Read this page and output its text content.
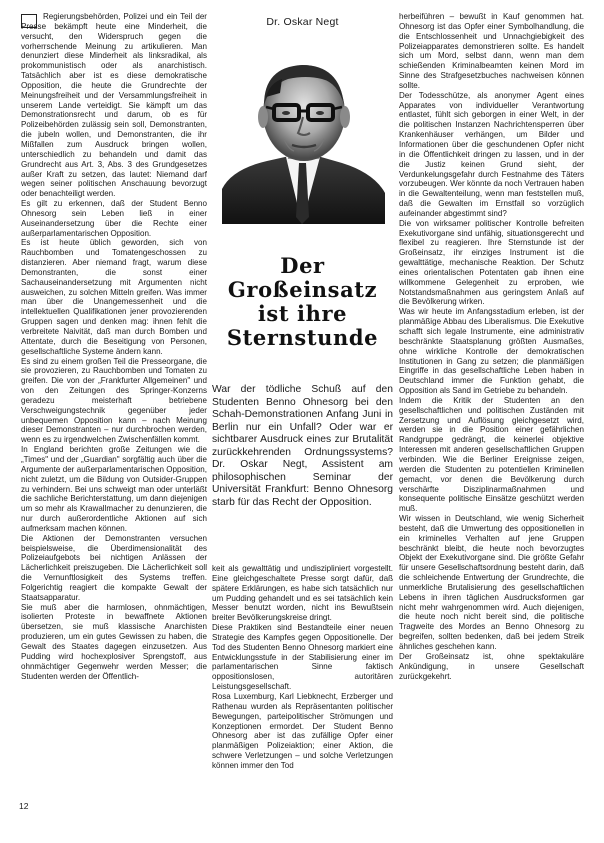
Regierungsbehörden, Polizei und ein Teil der Presse bekämpft heute eine Minderheit, die versucht, den Widerspruch gegen die vorherrschende Meinung zu artikulieren. Man denunziert diese Minderheit als linksradikal, als prokommunistisch oder als anarchistisch. Tatsächlich aber ist es diese demokratische Opposition, die heute die Grundrechte der Meinungsfreiheit und der Versammlungsfreiheit in unserem Lande verteidigt. Sie kämpft um das Demonstrationsrecht und darum, ob es für Polizeibehörden zulässig sein soll, Demonstranten, die jubeln wollen, und Demonstranten, die ihr Mißfallen zum Ausdruck bringen wollen, unterschiedlich zu behandeln und damit das Grundrecht aus Art. 3, Abs. 3 des Grundgesetzes außer Kraft zu setzen, das lautet: Niemand darf wegen seiner politischen Anschauung bevorzugt oder benachteiligt werden.

Es gilt zu erkennen, daß der Student Benno Ohnesorg sein Leben ließ in einer Auseinandersetzung über die Rechte einer außerparlamentarischen Opposition.

Es ist heute üblich geworden, sich von Rauchbomben und Tomatengeschossen zu distanzieren. Aber niemand fragt, warum diese Demonstranten, die sonst einer Sachauseinandersetzung mit Argumenten nicht ausweichen, zu solchen Mitteln greifen. Was immer man über die Unangemessenheit und die intellektuellen Qualifikationen jener provozierenden Gruppen sagen und denken mag: ihnen fehlt die verbreitete Naivität, daß man durch Bomben und Attentate, durch die Beseitigung von Personen, gesellschaftliche Systeme ändern kann.

Es sind zu einem großen Teil die Presseorgane, die sie provozieren, zu Rauchbomben und Tomaten zu greifen. Die von der „Frankfurter Allgemeinen" und von den Zeitungen des Springer-Konzerns geradezu meisterhaft betriebene Verschweigungstechnik gegenüber jeder unbequemen Opposition kann – nach Meinung dieser Demonstranten – nur durchbrochen werden, wenn es zu irgendwelchen Zwischenfällen kommt.

In England berichten große Zeitungen wie die „Times" und der „Guardian" sorgfältig auch über die Argumente der außerparlamentarischen Opposition, nicht zuletzt, um die Bildung von Outsider-Gruppen zu verhindern. Bei uns schweigt man oder unterläßt die sachliche Berichterstattung, um dann diejenigen um so mehr als Krawallmacher zu denunzieren, die nur durch außerordentliche Aktionen auf sich aufmerksam machen können.

Die Aktionen der Demonstranten versuchen beispielsweise, die Überdimensionalität des Polizeiaufgebots bei nichtigen Anlässen der Lächerlichkeit preiszugeben. Die Lächerlichkeit soll die Vernunftlosigkeit des Systems treffen. Folgerichtig reagiert die kompakte Gewalt der Staatsapparatur.

Sie muß aber die harmlosen, ohnmächtigen, isolierten Proteste in bewaffnete Aktionen übersetzen, sie muß klassische Anarchisten produzieren, um ein gutes Gewissen zu haben, die Gewalt des Staates dagegen einzusetzen. Aus Pudding wird hochexplosiver Sprengstoff, aus ohnmächtiger Gegenwehr werden Messer; die Studenten werden der Öffentlich-

Dr. Oskar Negt
Der Großeinsatz
ist ihre
Sternstunde

War der tödliche Schuß auf den Studenten Benno Ohnesorg bei den Schah-Demonstrationen Anfang Juni in Berlin nur ein Unfall? Oder war er sichtbarer Ausdruck eines zur Brutalität zurückkehrenden Ordnungssystems? Dr. Oskar Negt, Assistent am philosophischen Seminar der Universität Frankfurt: Benno Ohnesorg starb für das Recht der Opposition.

keit als gewalttätig und undiszipliniert vorgestellt. Eine gleichgeschaltete Presse sorgt dafür, daß spätere Erklärungen, es habe sich tatsächlich nur um Pudding gehandelt und es sei tatsächlich kein Messer benutzt worden, nicht ins Bewußtsein breiter Bevölkerungskreise dringt.

Diese Praktiken sind Bestandteile einer neuen Strategie des Kampfes gegen Oppositionelle. Der Tod des Studenten Benno Ohnesorg markiert eine Entwicklungsstufe in der Stabilisierung einer im parlamentarischen Sinne faktisch oppositionslosen, autoritären Leistungsgesellschaft.

Rosa Luxemburg, Karl Liebknecht, Erzberger und Rathenau wurden als Repräsentanten politischer Bewegungen, parteipolitischer Strömungen und Konzeptionen ermordet. Der Student Benno Ohnesorg aber ist das zufällige Opfer einer planmäßigen Polizeiaktion; einer Aktion, die schwere Verletzungen – und solche Verletzungen können immer den Tod

herbeiführen – bewußt in Kauf genommen hat. Ohnesorg ist das Opfer einer Symbolhandlung, die die Entschlossenheit und Unnachgiebigkeit des Polizeiapparates demonstrieren sollte. Es handelt sich um Mord, selbst dann, wenn man dem schießenden Kriminalbeamten keinen Mord im Sinne des Strafgesetzbuches nachweisen können sollte.

Der Todesschütze, als anonymer Agent eines Apparates von individueller Verantwortung entlastet, fühlt sich geborgen in einer Welt, in der die politischen Instanzen Nachrichtensperren über Krankenhäuser verhängen, um Bilder und Informationen über die geschundenen Opfer nicht in die Öffentlichkeit dringen zu lassen, und in der die Justiz keinen Grund sieht, der Verdunkelungsgefahr durch Festnahme des Täters vorzubeugen. Wer könnte da noch Vertrauen haben in die Gewaltenteilung, wenn man feststellen muß, daß die Gewalten im Ernstfall so vorzüglich aufeinander abgestimmt sind?

Die von wirksamer politischer Kontrolle befreiten Exekutivorgane sind unfähig, situationsgerecht und flexibel zu reagieren. Ihre Sternstunde ist der Großeinsatz, ihr einziges Instrument ist die gewalttätige, mechanische Reaktion. Der Schutz eines orientalischen Potentaten gab ihnen eine willkommene Gelegenheit zu erproben, wie Notstandsmaßnahmen aus geringstem Anlaß auf die Bevölkerung wirken.

Was wir heute im Anfangsstadium erleben, ist der planmäßige Abbau des Liberalismus. Die Exekutive schafft sich legale Instrumente, eine administrativ beschränkte Staatsplanung größten Ausmaßes, ohne wirkliche Kontrolle der demokratischen Institutionen in Gang zu setzen; die planmäßigen Eingriffe in das gesellschaftliche Leben haben in Deutschland immer die Funktion gehabt, die Opposition als Sand im Getriebe zu behandeln.

Indem die Kritik der Studenten an den gesellschaftlichen und politischen Zuständen mit Zersetzung und Auflösung gleichgesetzt wird, werden sie in die Position einer gefährlichen Randgruppe gedrängt, die keinerlei objektive Interessen mit anderen gesellschaftlichen Gruppen verbinden. Wie die Berliner Ereignisse zeigen, werden die Studenten zu potentiellen Kriminellen gemacht, vor denen die Bevölkerung durch verschärfte Disziplinarmaßnahmen und konsequente politische Einsätze geschützt werden muß.

Wir wissen in Deutschland, wie wenig Sicherheit besteht, daß die Umwertung des oppositionellen in ein kriminelles Verhalten auf jene Gruppen beschränkt bleibt, die heute noch bevorzugtes Objekt der Exekutivorgane sind. Die größte Gefahr für unsere Gesellschaftsordnung besteht darin, daß die schleichende Entwertung der Grundrechte, die unmerkliche Brutalisierung des gesellschaftlichen Lebens in ihren täglichen Ausdrucksformen gar nicht mehr wahrgenommen wird. Auch diejenigen, die heute noch nicht bereit sind, die politische Tragweite des Mordes an Benno Ohnesorg zu begreifen, sollten bedenken, daß bei jedem Streik ähnliches geschehen kann.

Der Großeinsatz ist, ohne spektakuläre Ankündigung, in unsere Gesellschaft zurückgekehrt.

12
